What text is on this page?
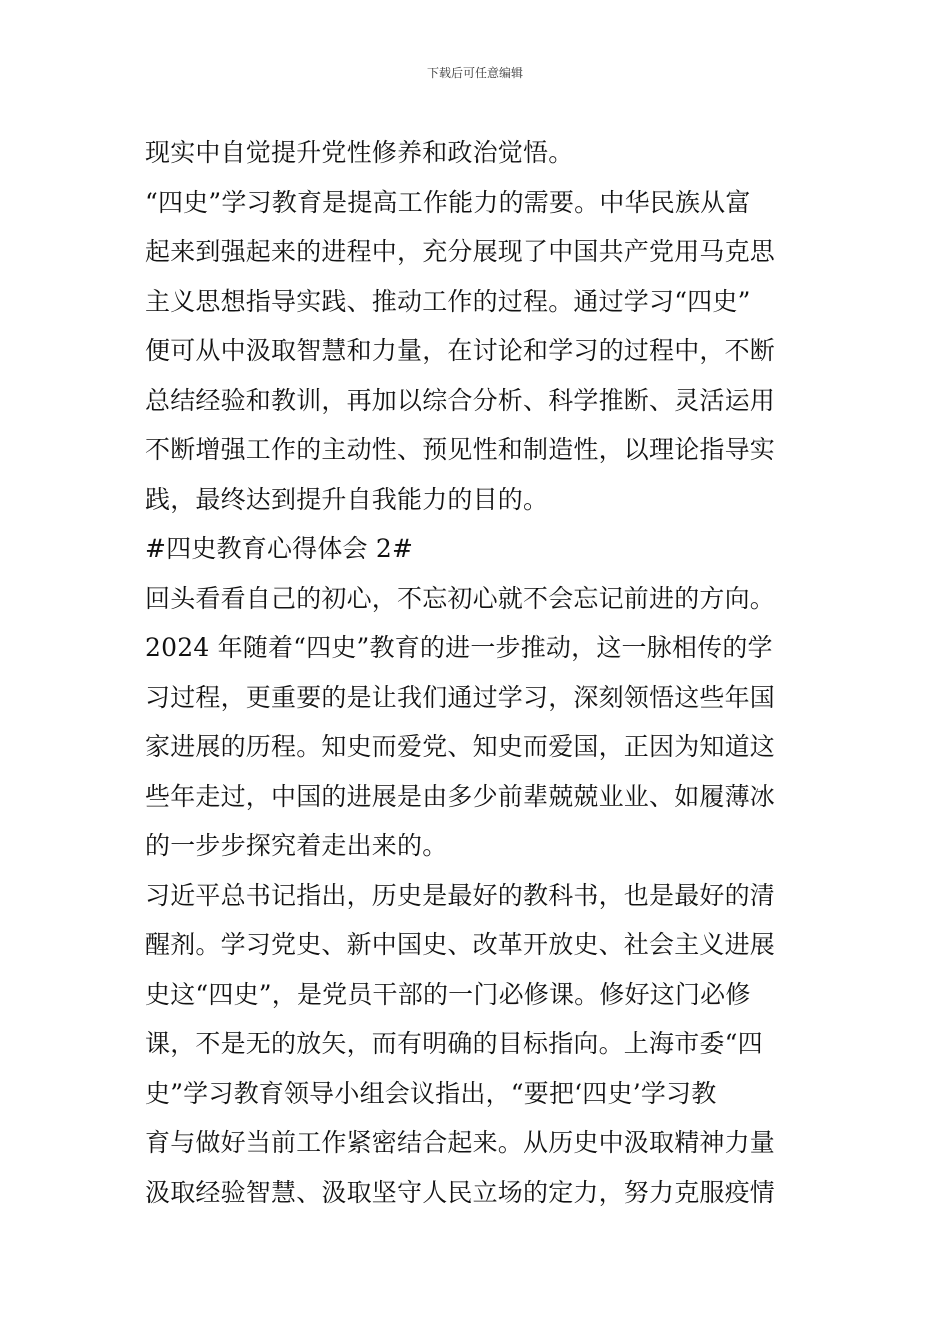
下载后可任意编辑
现实中自觉提升党性修养和政治觉悟。
“四史”学习教育是提高工作能力的需要。中华民族从富
起来到强起来的进程中，充分展现了中国共产党用马克思
主义思想指导实践、推动工作的过程。通过学习“四史”
便可从中汲取智慧和力量，在讨论和学习的过程中，不断
总结经验和教训，再加以综合分析、科学推断、灵活运用
不断增强工作的主动性、预见性和制造性，以理论指导实
践，最终达到提升自我能力的目的。
#四史教育心得体会 2#
回头看看自己的初心，不忘初心就不会忘记前进的方向。
2024 年随着“四史”教育的进一步推动，这一脉相传的学
习过程，更重要的是让我们通过学习，深刻领悟这些年国
家进展的历程。知史而爱党、知史而爱国，正因为知道这
些年走过，中国的进展是由多少前辈兢兢业业、如履薄冰
的一步步探究着走出来的。
习近平总书记指出，历史是最好的教科书，也是最好的清
醒剂。学习党史、新中国史、改革开放史、社会主义进展
史这“四史”，是党员干部的一门必修课。修好这门必修
课，不是无的放矢，而有明确的目标指向。上海市委“四
史”学习教育领导小组会议指出，“要把‘四史’学习教
育与做好当前工作紧密结合起来。从历史中汲取精神力量
汲取经验智慧、汲取坚守人民立场的定力，努力克服疫情
